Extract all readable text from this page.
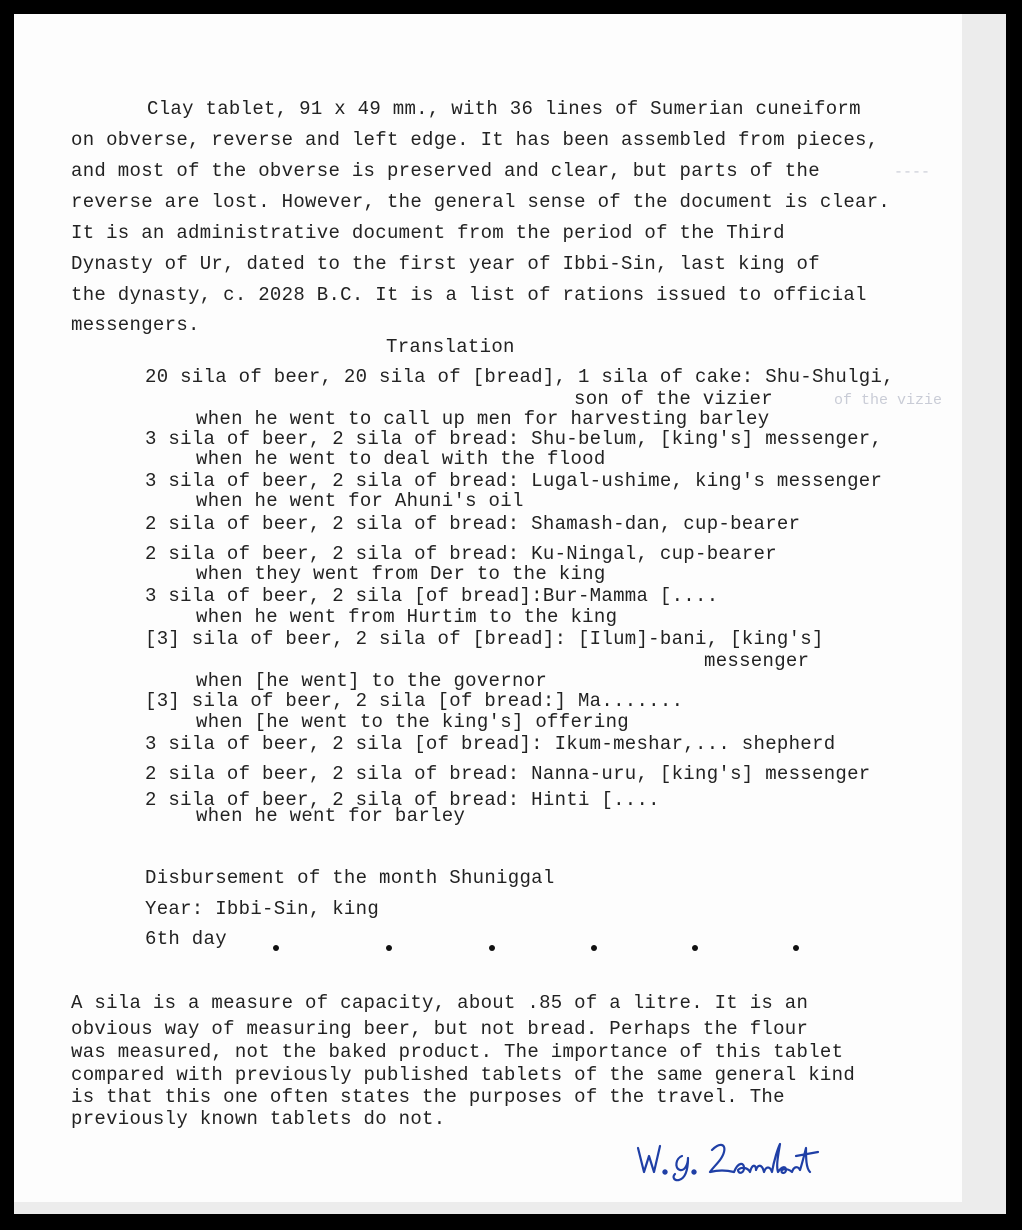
Clay tablet, 91 x 49 mm., with 36 lines of Sumerian cuneiform
on obverse, reverse and left edge. It has been assembled from pieces,
and most of the obverse is preserved and clear, but parts of the
reverse are lost. However, the general sense of the document is clear.
It is an administrative document from the period of the Third
Dynasty of Ur, dated to the first year of Ibbi-Sin, last king of
the dynasty, c. 2028 B.C. It is a list of rations issued to official
messengers.
----
of the vizie
Translation
20 sila of beer, 20 sila of [bread], 1 sila of cake: Shu-Shulgi,
son of the vizier
when he went to call up men for harvesting barley
3 sila of beer, 2 sila of bread: Shu-belum, [king's] messenger,
when he went to deal with the flood
3 sila of beer, 2 sila of bread: Lugal-ushime, king's messenger
when he went for Ahuni's oil
2 sila of beer, 2 sila of bread: Shamash-dan, cup-bearer
2 sila of beer, 2 sila of bread: Ku-Ningal, cup-bearer
when they went from Der to the king
3 sila of beer, 2 sila [of bread]:Bur-Mamma [....
when he went from Hurtim to the king
[3] sila of beer, 2 sila of [bread]: [Ilum]-bani, [king's]
messenger
when [he went] to the governor
[3] sila of beer, 2 sila [of bread:] Ma.......
when [he went to the king's] offering
3 sila of beer, 2 sila [of bread]: Ikum-meshar,... shepherd
2 sila of beer, 2 sila of bread: Nanna-uru, [king's] messenger
2 sila of beer, 2 sila of bread: Hinti [....
when he went for barley
Disbursement of the month Shuniggal
Year: Ibbi-Sin, king
6th day
A sila is a measure of capacity, about .85 of a litre. It is an
obvious way of measuring beer, but not bread. Perhaps the flour
was measured, not the baked product. The importance of this tablet
compared with previously published tablets of the same general kind
is that this one often states the purposes of the travel. The
previously known tablets do not.
